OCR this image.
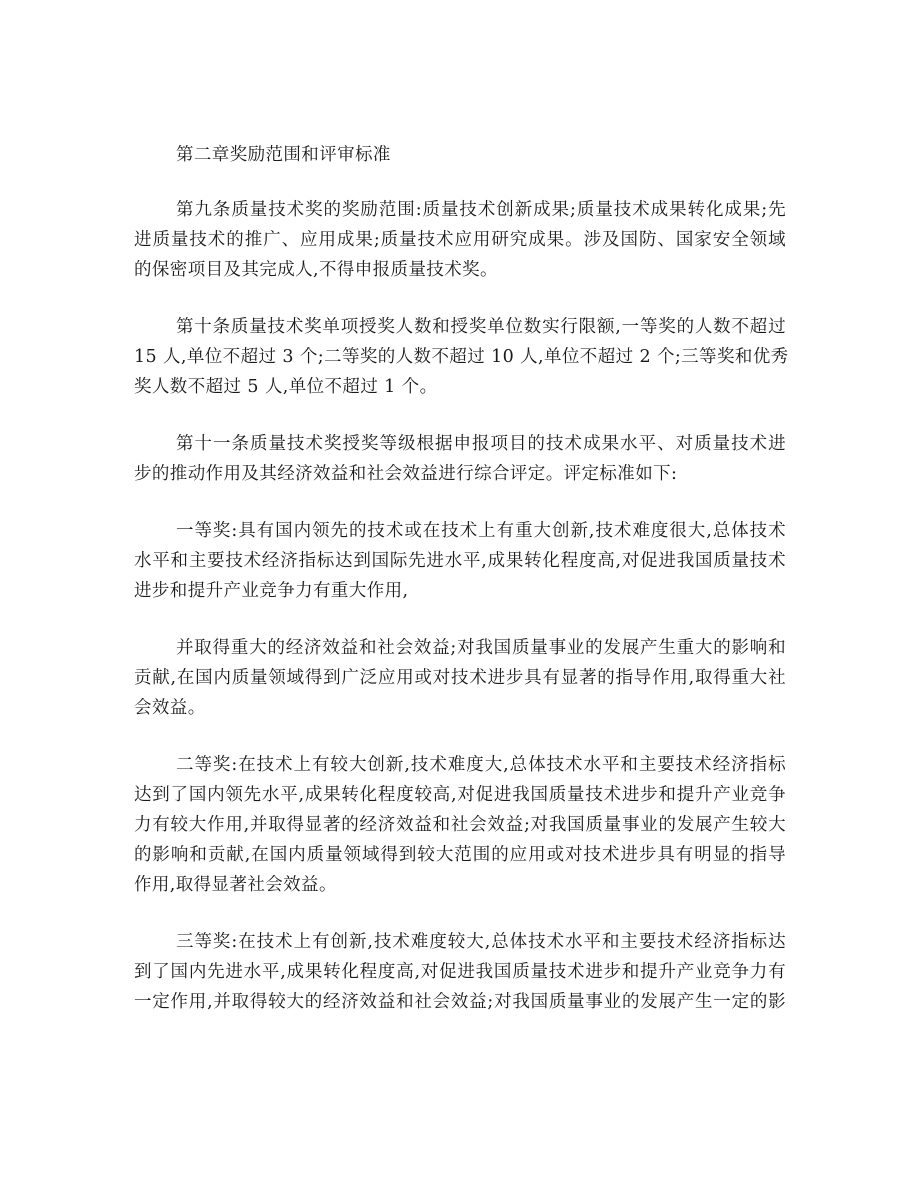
第二章奖励范围和评审标准

第九条质量技术奖的奖励范围:质量技术创新成果;质量技术成果转化成果;先
进质量技术的推广、应用成果;质量技术应用研究成果。涉及国防、国家安全领域
的保密项目及其完成人,不得申报质量技术奖。
第十条质量技术奖单项授奖人数和授奖单位数实行限额,一等奖的人数不超过
15 人,单位不超过 3 个;二等奖的人数不超过 10 人,单位不超过 2 个;三等奖和优秀
奖人数不超过 5 人,单位不超过 1 个。
第十一条质量技术奖授奖等级根据申报项目的技术成果水平、对质量技术进
步的推动作用及其经济效益和社会效益进行综合评定。评定标准如下:
一等奖:具有国内领先的技术或在技术上有重大创新,技术难度很大,总体技术
水平和主要技术经济指标达到国际先进水平,成果转化程度高,对促进我国质量技术
进步和提升产业竞争力有重大作用,
并取得重大的经济效益和社会效益;对我国质量事业的发展产生重大的影响和
贡献,在国内质量领域得到广泛应用或对技术进步具有显著的指导作用,取得重大社
会效益。
二等奖:在技术上有较大创新,技术难度大,总体技术水平和主要技术经济指标
达到了国内领先水平,成果转化程度较高,对促进我国质量技术进步和提升产业竞争
力有较大作用,并取得显著的经济效益和社会效益;对我国质量事业的发展产生较大
的影响和贡献,在国内质量领域得到较大范围的应用或对技术进步具有明显的指导
作用,取得显著社会效益。
三等奖:在技术上有创新,技术难度较大,总体技术水平和主要技术经济指标达
到了国内先进水平,成果转化程度高,对促进我国质量技术进步和提升产业竞争力有
一定作用,并取得较大的经济效益和社会效益;对我国质量事业的发展产生一定的影
